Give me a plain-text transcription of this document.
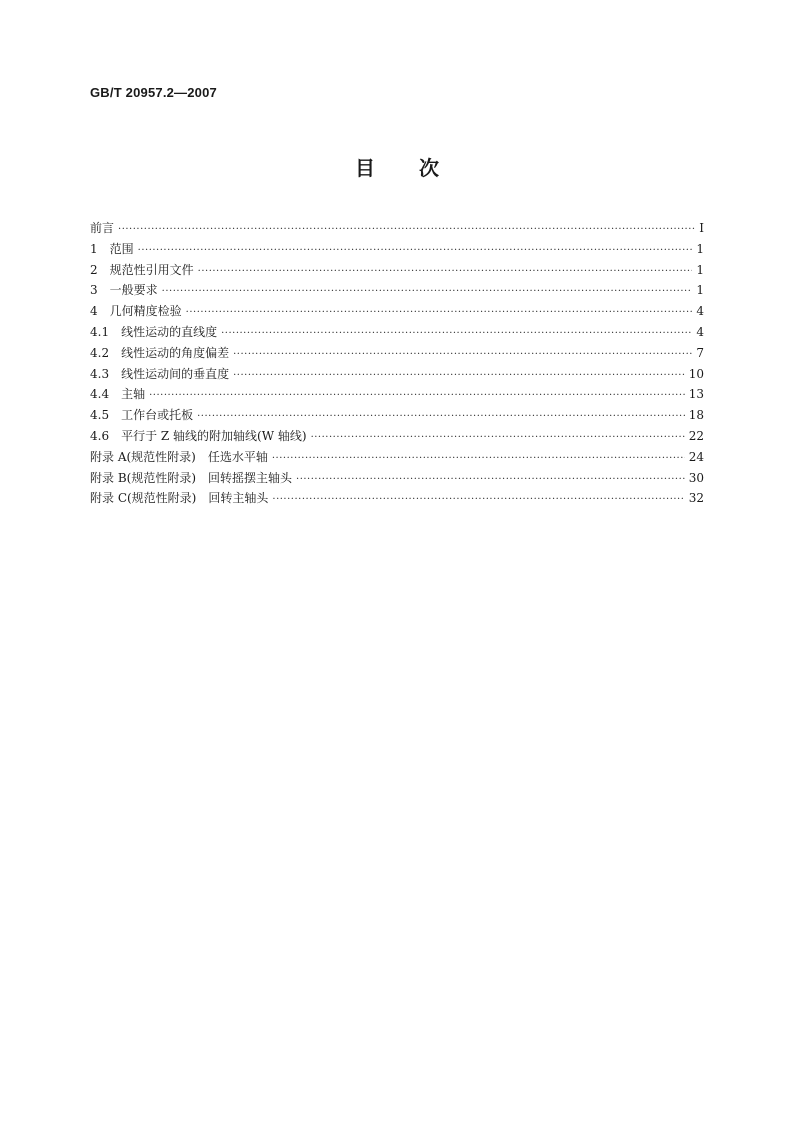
GB/T 20957.2—2007
目 次
前言 ·····	I
1 范围 ·····	1
2 规范性引用文件 ·····	1
3 一般要求 ·····	1
4 几何精度检验 ·····	4
4.1 线性运动的直线度 ·····	4
4.2 线性运动的角度偏差 ·····	7
4.3 线性运动间的垂直度 ·····	10
4.4 主轴 ·····	13
4.5 工作台或托板 ·····	18
4.6 平行于 Z 轴线的附加轴线(W 轴线) ·····	22
附录 A(规范性附录) 任选水平轴 ·····	24
附录 B(规范性附录) 回转摇摆主轴头 ·····	30
附录 C(规范性附录) 回转主轴头 ·····	32
